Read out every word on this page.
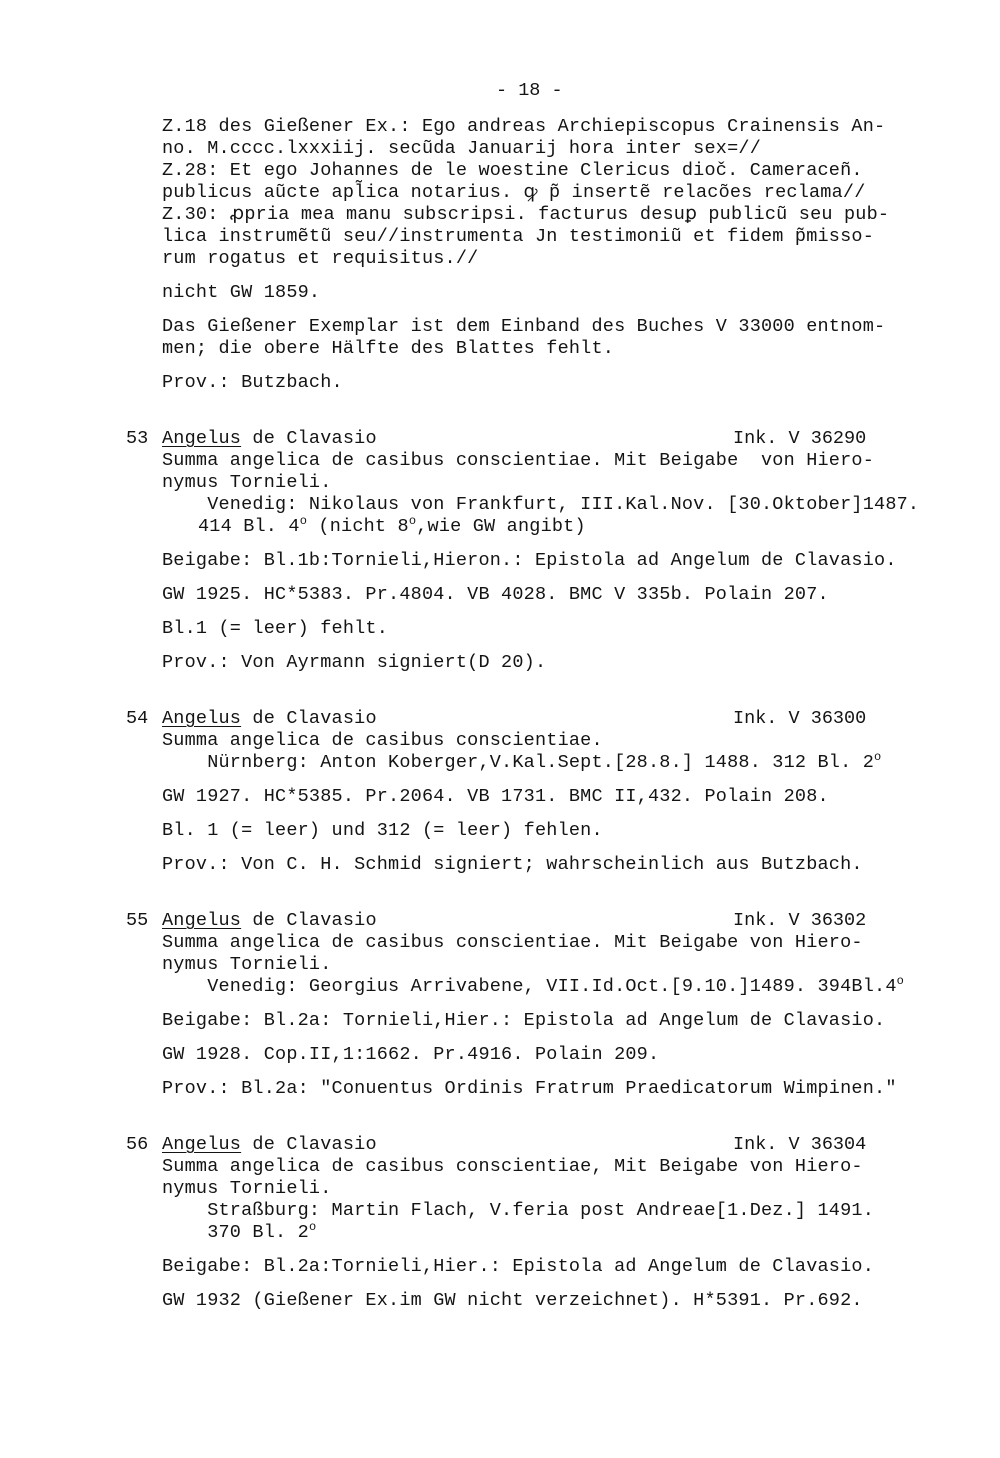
- 18 -
Z.18 des Gießener Ex.: Ego andreas Archiepiscopus Crainensis An-
no. M.cccc.lxxxiij. secũda Januarij hora inter sex=//
Z.28: Et ego Johannes de le woestine Clericus dioč. Cameraceñ.
publicus aũcte apl̃ica notarius. ꝙ p̃ insertẽ relacões reclama//
Z.30: ꝓpria mea manu subscripsi. facturus desuꝑ publicũ seu pub-
lica instrumẽtũ seu//instrumenta Jn testimoniũ et fidem p̃misso-
rum rogatus et requisitus.//
nicht GW 1859.
Das Gießener Exemplar ist dem Einband des Buches V 33000 entnom-
men; die obere Hälfte des Blattes fehlt.
Prov.: Butzbach.
53 Angelus de Clavasio	Ink. V 36290
Summa angelica de casibus conscientiae. Mit Beigabe  von Hiero-
nymus Tornieli.
Venedig: Nikolaus von Frankfurt, III.Kal.Nov. [30.Oktober]1487.
414 Bl. 4$^o$ (nicht 8$^o$,wie GW angibt)
Beigabe: Bl.1b:Tornieli,Hieron.: Epistola ad Angelum de Clavasio.
GW 1925. HC*5383. Pr.4804. VB 4028. BMC V 335b. Polain 207.
Bl.1 (= leer) fehlt.
Prov.: Von Ayrmann signiert(D 20).
54 Angelus de Clavasio	Ink. V 36300
Summa angelica de casibus conscientiae.
Nürnberg: Anton Koberger,V.Kal.Sept.[28.8.] 1488. 312 Bl. 2$^o$
GW 1927. HC*5385. Pr.2064. VB 1731. BMC II,432. Polain 208.
Bl. 1 (= leer) und 312 (= leer) fehlen.
Prov.: Von C. H. Schmid signiert; wahrscheinlich aus Butzbach.
55 Angelus de Clavasio	Ink. V 36302
Summa angelica de casibus conscientiae. Mit Beigabe von Hiero-
nymus Tornieli.
Venedig: Georgius Arrivabene, VII.Id.Oct.[9.10.]1489. 394Bl.4$^o$
Beigabe: Bl.2a: Tornieli,Hier.: Epistola ad Angelum de Clavasio.
GW 1928. Cop.II,1:1662. Pr.4916. Polain 209.
Prov.: Bl.2a: "Conuentus Ordinis Fratrum Praedicatorum Wimpinen."
56 Angelus de Clavasio	Ink. V 36304
Summa angelica de casibus conscientiae, Mit Beigabe von Hiero-
nymus Tornieli.
Straßburg: Martin Flach, V.feria post Andreae[1.Dez.] 1491.
370 Bl. 2$^o$
Beigabe: Bl.2a:Tornieli,Hier.: Epistola ad Angelum de Clavasio.
GW 1932 (Gießener Ex.im GW nicht verzeichnet). H*5391. Pr.692.
